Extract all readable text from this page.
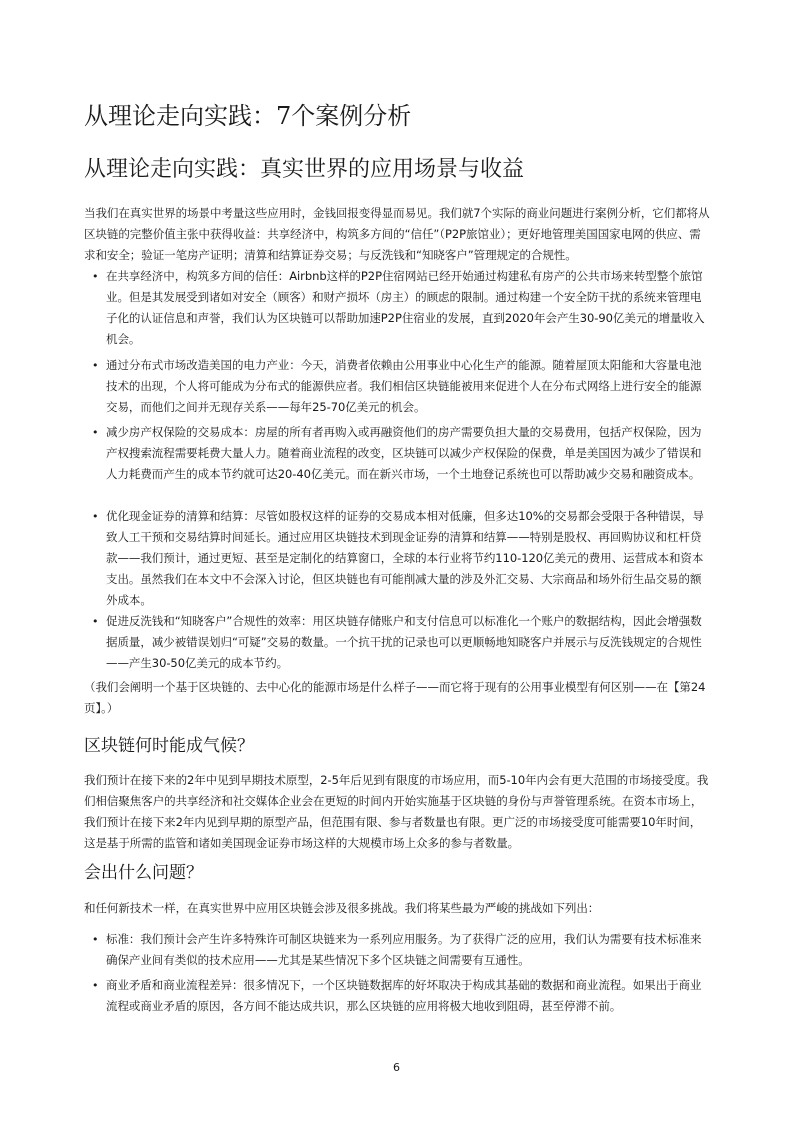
从理论走向实践：7个案例分析
从理论走向实践：真实世界的应用场景与收益

当我们在真实世界的场景中考量这些应用时，金钱回报变得显而易见。我们就7个实际的商业问题进行案例分析，它们都将从区块链的完整价值主张中获得收益：共享经济中，构筑多方间的“信任”（P2P旅馆业）；更好地管理美国国家电网的供应、需求和安全；验证一笔房产证明；清算和结算证券交易；与反洗钱和“知晓客户”管理规定的合规性。

• 在共享经济中，构筑多方间的信任：Airbnb这样的P2P住宿网站已经开始通过构建私有房产的公共市场来转型整个旅馆业。但是其发展受到诸如对安全（顾客）和财产损坏（房主）的顾虑的限制。通过构建一个安全防干扰的系统来管理电子化的认证信息和声誉，我们认为区块链可以帮助加速P2P住宿业的发展，直到2020年会产生30-90亿美元的增量收入机会。
• 通过分布式市场改造美国的电力产业：今天，消费者依赖由公用事业中心化生产的能源。随着屋顶太阳能和大容量电池技术的出现，个人将可能成为分布式的能源供应者。我们相信区块链能被用来促进个人在分布式网络上进行安全的能源交易，而他们之间并无现存关系——每年25-70亿美元的机会。
• 减少房产权保险的交易成本：房屋的所有者再购入或再融资他们的房产需要负担大量的交易费用，包括产权保险，因为产权搜索流程需要耗费大量人力。随着商业流程的改变，区块链可以减少产权保险的保费，单是美国因为减少了错误和人力耗费而产生的成本节约就可达20-40亿美元。而在新兴市场，一个土地登记系统也可以帮助减少交易和融资成本。
• 优化现金证券的清算和结算：尽管如股权这样的证券的交易成本相对低廉，但多达10%的交易都会受限于各种错误，导致人工干预和交易结算时间延长。通过应用区块链技术到现金证券的清算和结算——特别是股权、再回购协议和杠杆贷款——我们预计，通过更短、甚至是定制化的结算窗口，全球的本行业将节约110-120亿美元的费用、运营成本和资本支出。虽然我们在本文中不会深入讨论，但区块链也有可能削减大量的涉及外汇交易、大宗商品和场外衍生品交易的额外成本。
• 促进反洗钱和“知晓客户”合规性的效率：用区块链存储账户和支付信息可以标准化一个账户的数据结构，因此会增强数据质量，减少被错误划归“可疑”交易的数量。一个抗干扰的记录也可以更顺畅地知晓客户并展示与反洗钱规定的合规性——产生30-50亿美元的成本节约。

（我们会阐明一个基于区块链的、去中心化的能源市场是什么样子——而它将于现有的公用事业模型有何区别——在【第24页】。）

区块链何时能成气候？

我们预计在接下来的2年中见到早期技术原型，2-5年后见到有限度的市场应用，而5-10年内会有更大范围的市场接受度。我们相信聚焦客户的共享经济和社交媒体企业会在更短的时间内开始实施基于区块链的身份与声誉管理系统。在资本市场上，我们预计在接下来2年内见到早期的原型产品，但范围有限、参与者数量也有限。更广泛的市场接受度可能需要10年时间，这是基于所需的监管和诸如美国现金证券市场这样的大规模市场上众多的参与者数量。

会出什么问题？

和任何新技术一样，在真实世界中应用区块链会涉及很多挑战。我们将某些最为严峻的挑战如下列出：

• 标准：我们预计会产生许多特殊许可制区块链来为一系列应用服务。为了获得广泛的应用，我们认为需要有技术标准来确保产业间有类似的技术应用——尤其是某些情况下多个区块链之间需要有互通性。
• 商业矛盾和商业流程差异：很多情况下，一个区块链数据库的好坏取决于构成其基础的数据和商业流程。如果出于商业流程或商业矛盾的原因，各方间不能达成共识，那么区块链的应用将极大地收到阻碍，甚至停滞不前。
6
